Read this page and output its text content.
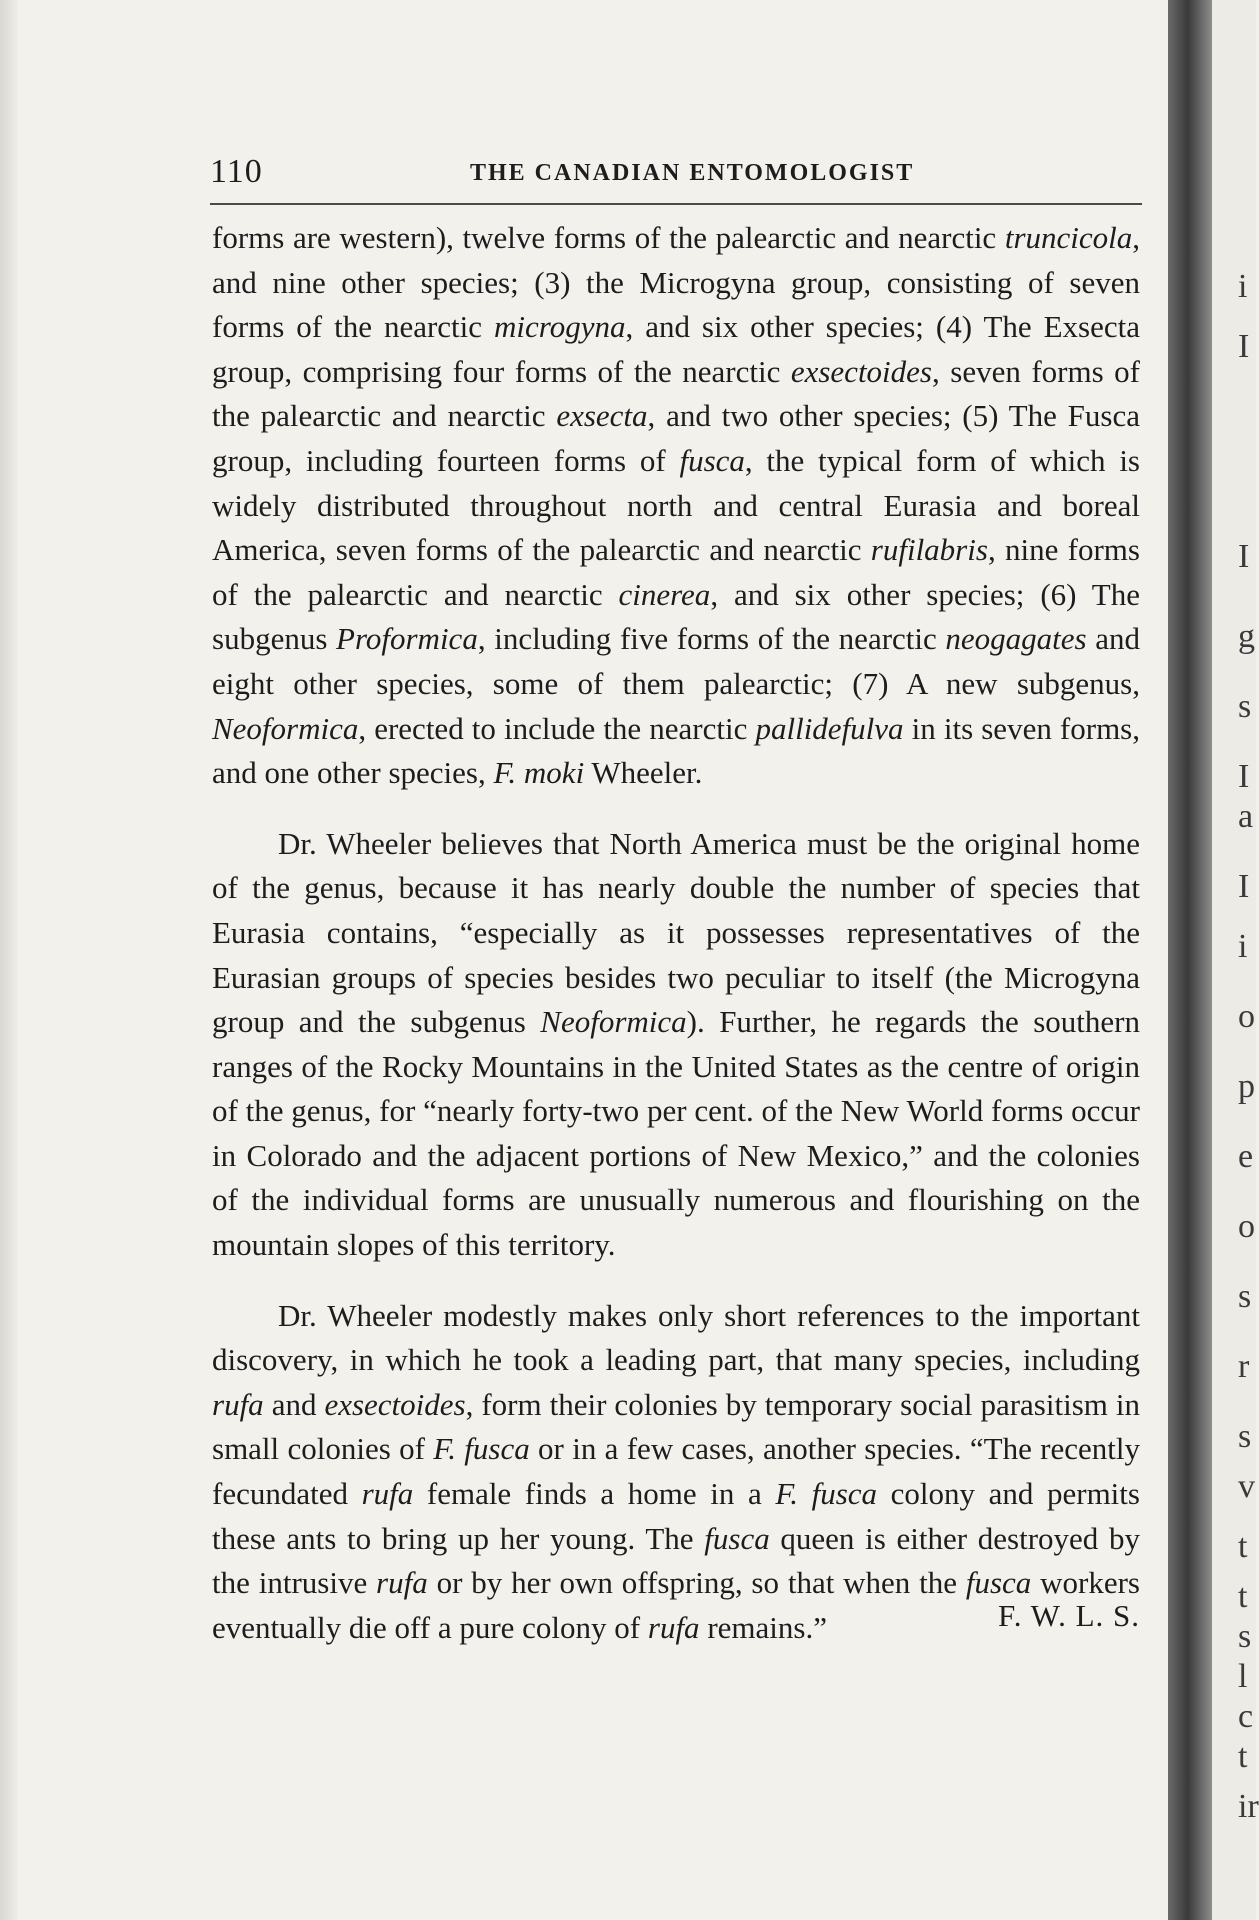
110	THE CANADIAN ENTOMOLOGIST

forms are western), twelve forms of the palearctic and nearctic truncicola, and nine other species; (3) the Microgyna group, consisting of seven forms of the nearctic microgyna, and six other species; (4) The Exsecta group, comprising four forms of the nearctic exsectoides, seven forms of the palearctic and nearctic exsecta, and two other species; (5) The Fusca group, including fourteen forms of fusca, the typical form of which is widely distributed throughout north and central Eurasia and boreal America, seven forms of the palearctic and nearctic rufilabris, nine forms of the palearctic and nearctic cinerea, and six other species; (6) The subgenus Proformica, including five forms of the nearctic neogagates and eight other species, some of them palearctic; (7) A new subgenus, Neoformica, erected to include the nearctic pallidefulva in its seven forms, and one other species, F. moki Wheeler.

Dr. Wheeler believes that North America must be the original home of the genus, because it has nearly double the number of species that Eurasia contains, “especially as it possesses representatives of the Eurasian groups of species besides two peculiar to itself (the Microgyna group and the subgenus Neoformica). Further, he regards the southern ranges of the Rocky Mountains in the United States as the centre of origin of the genus, for “nearly forty-two per cent. of the New World forms occur in Colorado and the adjacent portions of New Mexico,” and the colonies of the individual forms are unusually numerous and flourishing on the mountain slopes of this territory.

Dr. Wheeler modestly makes only short references to the important discovery, in which he took a leading part, that many species, including rufa and exsectoides, form their colonies by temporary social parasitism in small colonies of F. fusca or in a few cases, another species. “The recently fecundated rufa female finds a home in a F. fusca colony and permits these ants to bring up her young. The fusca queen is either destroyed by the intrusive rufa or by her own offspring, so that when the fusca workers eventually die off a pure colony of rufa remains.”	F. W. L. S.
i
I
I
g
s
I
a
I
i
o
p
e
o
s
r
s
v
t
t
s
l
c
t
ir
